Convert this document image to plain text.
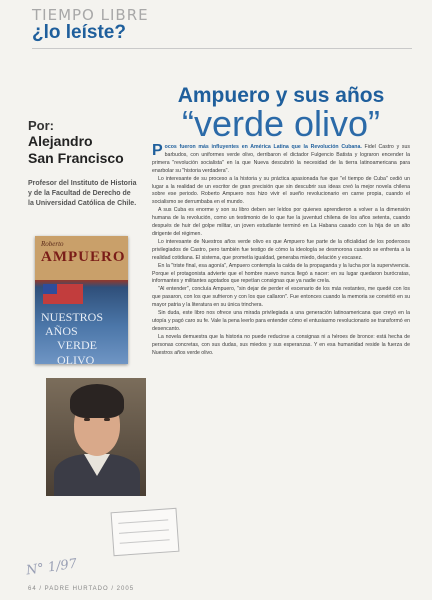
TIEMPO LIBRE
¿lo leíste?

Por:

Alejandro

San Francisco

Profesor del Instituto de Historia y de la Facultad de Derecho de la Universidad Católica de Chile.
Roberto
AMPUERO
NUESTROS
AÑOS
VERDE OLIVO
Ampuero y sus años
“verde olivo”

Pocos fueron más influyentes en América Latina que la Revolución Cubana. Fidel Castro y sus barbudos, con uniformes verde olivo, derribaron el dictador Fulgencio Batista y lograron encender la primera "revolución socialista" en la que Nueva descubrió la necesidad de la tierra latinoamericana para enarbolar su "historia verdadera".

Lo interesante de su proceso a la historia y su práctica apasionada fue que "el tiempo de Cuba" cedió un lugar a la realidad de un escritor de gran precisión que sin descubrir sus ideas creó la mejor novela chilena sobre ese periodo. Roberto Ampuero nos hizo vivir el sueño revolucionario en carne propia, cuando el socialismo se derrumbaba en el mundo.

A sus Cuba es enorme y son su libro deben ser leídos por quienes aprendieron a volver a la dimensión humana de la revolución, como un testimonio de lo que fue la juventud chilena de los años setenta, cuando después de huir del golpe militar, un joven estudiante terminó en La Habana casado con la hija de un alto dirigente del régimen.

Lo interesante de Nuestros años verde olivo es que Ampuero fue parte de la oficialidad de los poderosos privilegiados de Castro, pero también fue testigo de cómo la ideología se desmorona cuando se enfrenta a la realidad cotidiana. El sistema, que prometía igualdad, generaba miedo, delación y escasez.

En la "triste final, esa agonía", Ampuero contempla la caída de la propaganda y la lucha por la supervivencia. Porque el protagonista advierte que el hombre nuevo nunca llegó a nacer: en su lugar quedaron burócratas, informantes y militantes agotados que repetían consignas que ya nadie creía.

"Al entender", concluía Ampuero, "sin dejar de perder el escenario de los más restantes, me quedé con los que pasaron, con los que sufrieron y con los que callaron". Fue entonces cuando la memoria se convirtió en su mayor patria y la literatura en su única trinchera.

Sin duda, este libro nos ofrece una mirada privilegiada a una generación latinoamericana que creyó en la utopía y pagó caro su fe. Vale la pena leerlo para entender cómo el entusiasmo revolucionario se transformó en desencanto.

La novela demuestra que la historia no puede reducirse a consignas ni a héroes de bronce: está hecha de personas concretas, con sus dudas, sus miedos y sus esperanzas. Y en esa humanidad reside la fuerza de Nuestros años verde olivo.

N° 1/97
64 / PADRE HURTADO / 2005
